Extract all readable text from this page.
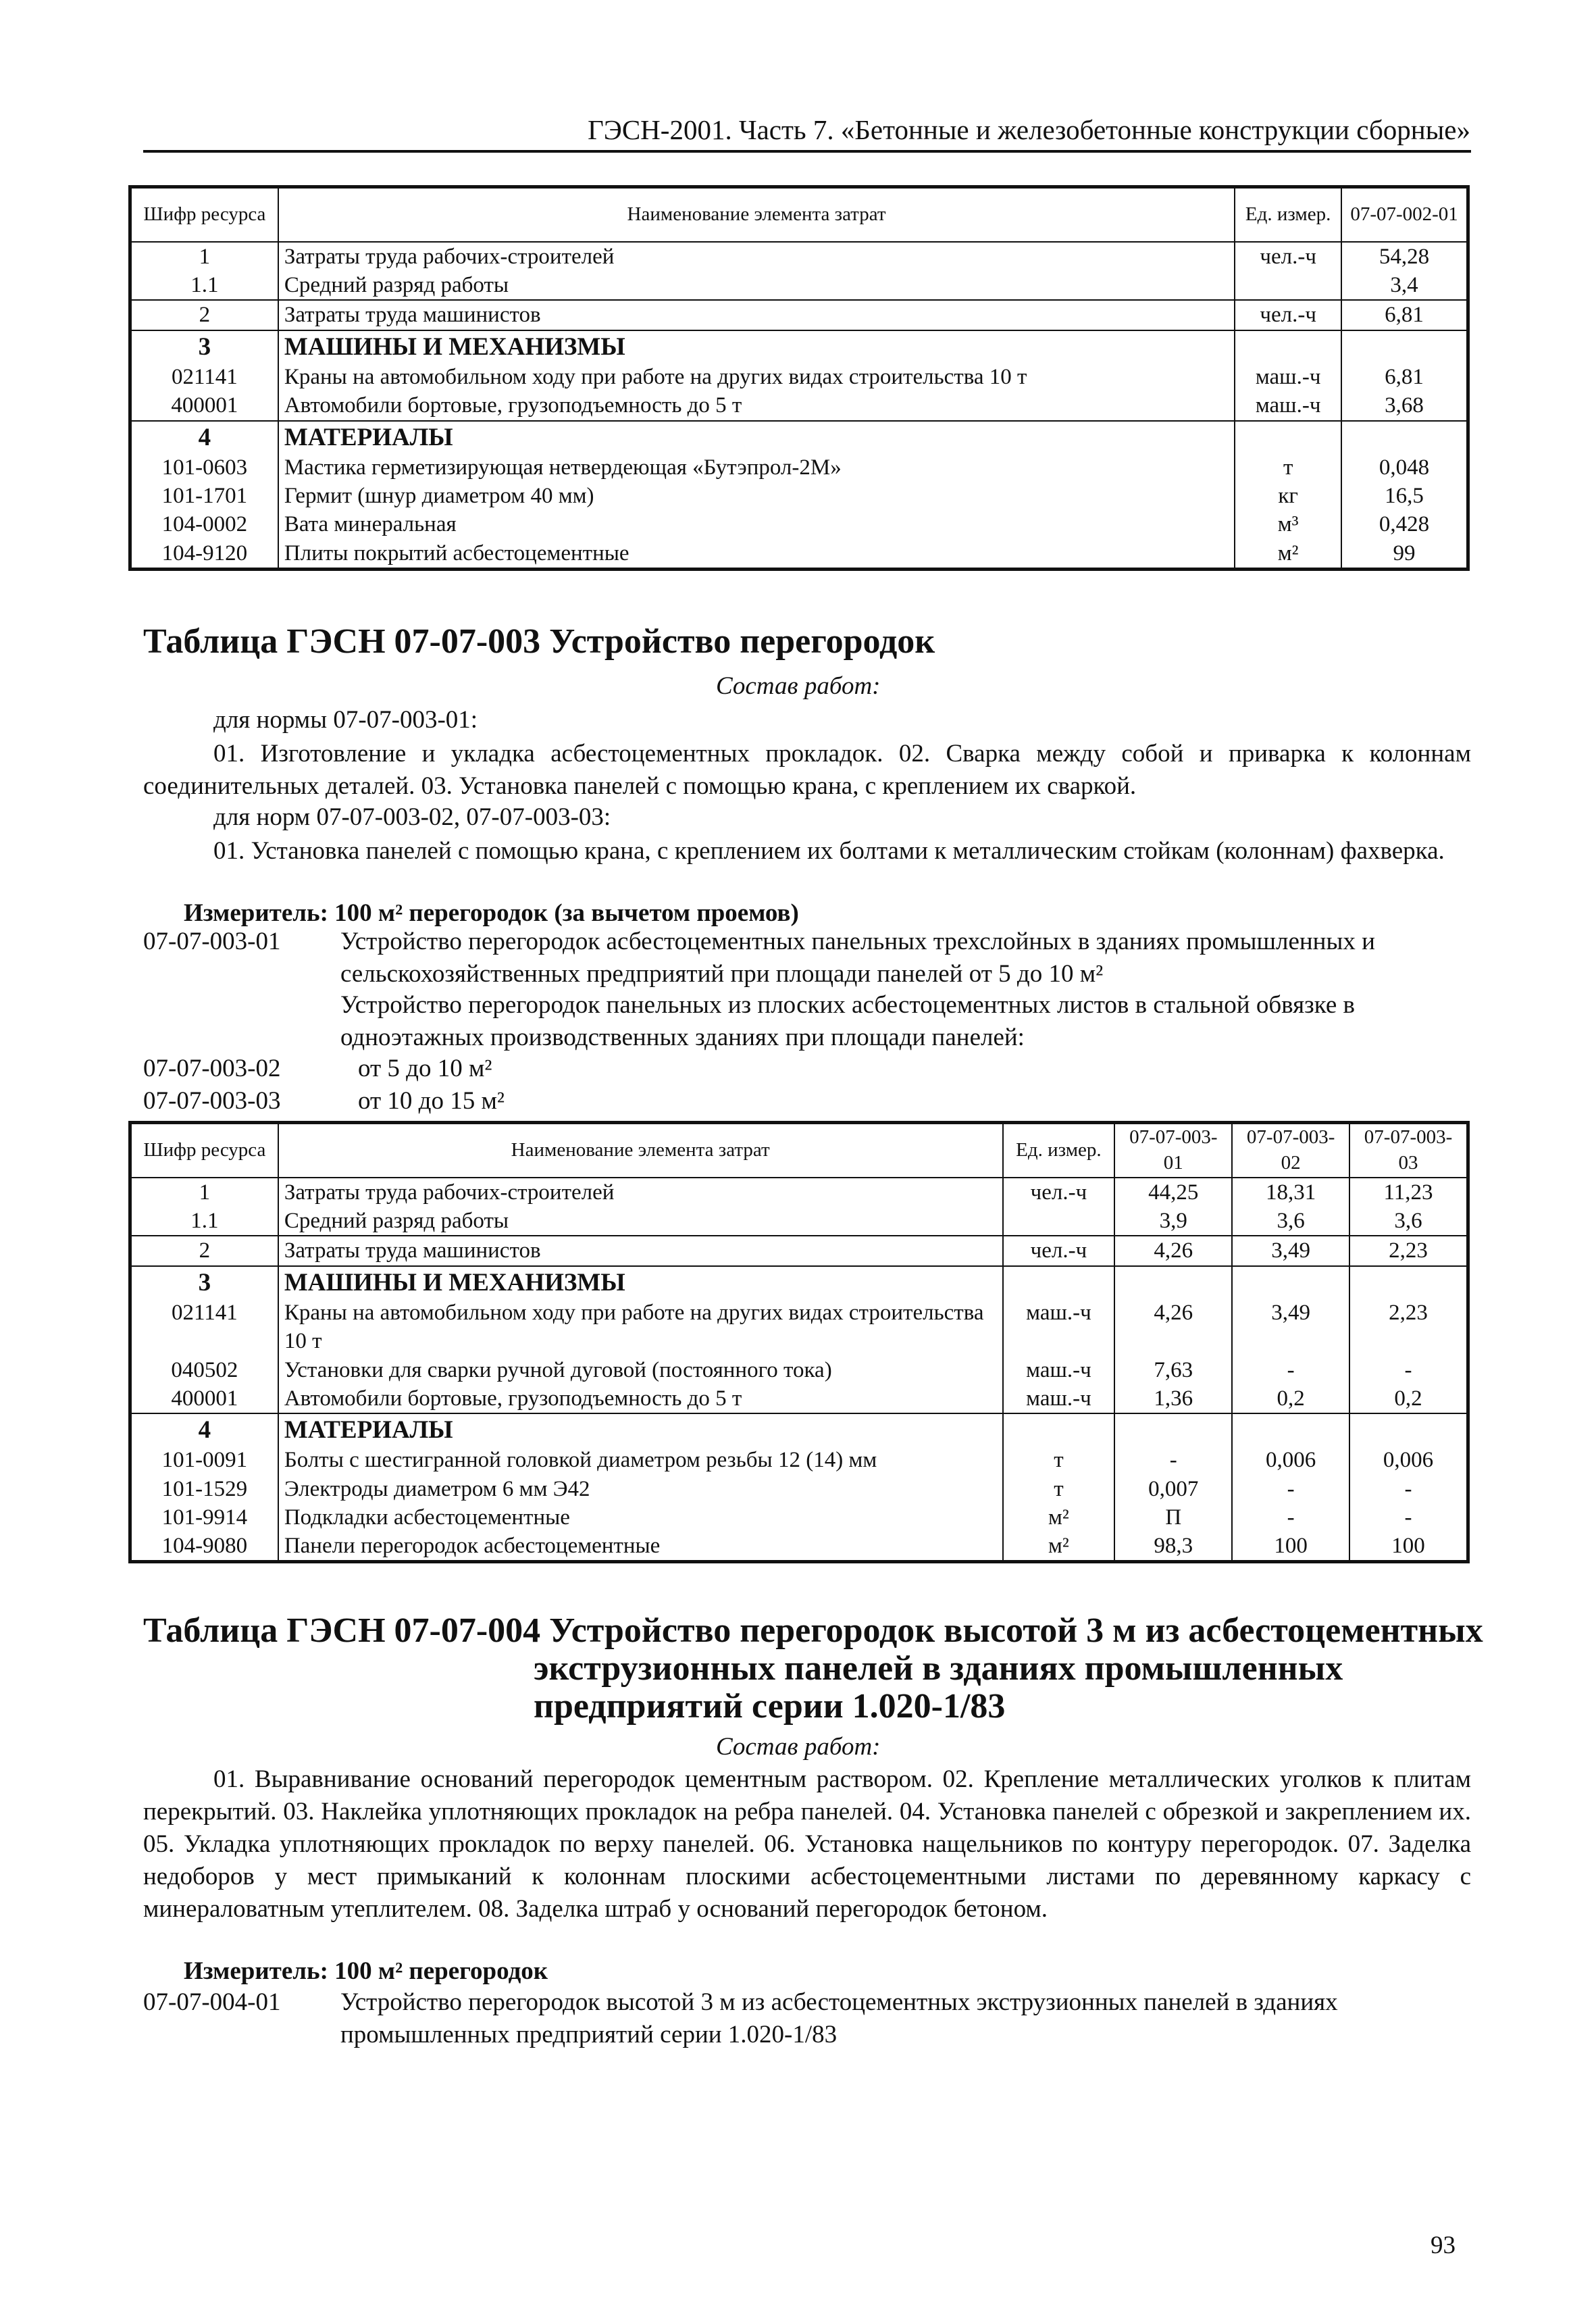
ГЭСН-2001. Часть 7. «Бетонные и железобетонные конструкции сборные»
Шифр ресурса	Наименование элемента затрат	Ед. измер.	07-07-002-01
1	Затраты труда рабочих-строителей	чел.-ч	54,28
1.1	Средний разряд работы		3,4
2	Затраты труда машинистов	чел.-ч	6,81
3	МАШИНЫ И МЕХАНИЗМЫ		
021141	Краны на автомобильном ходу при работе на других видах строительства 10 т	маш.-ч	6,81
400001	Автомобили бортовые, грузоподъемность до 5 т	маш.-ч	3,68
4	МАТЕРИАЛЫ		
101-0603	Мастика герметизирующая нетвердеющая «Бутэпрол-2М»	т	0,048
101-1701	Гермит (шнур диаметром 40 мм)	кг	16,5
104-0002	Вата минеральная	м³	0,428
104-9120	Плиты покрытий асбестоцементные	м²	99
Таблица ГЭСН 07-07-003 Устройство перегородок
Состав работ:
для нормы 07-07-003-01:
01. Изготовление и укладка асбестоцементных прокладок. 02. Сварка между собой и приварка к колоннам соединительных деталей. 03. Установка панелей с помощью крана, с креплением их сваркой.
для норм 07-07-003-02, 07-07-003-03:
01. Установка панелей с помощью крана, с креплением их болтами к металлическим стойкам (колоннам) фахверка.
Измеритель: 100 м² перегородок (за вычетом проемов)
07-07-003-01 Устройство перегородок асбестоцементных панельных трехслойных в зданиях промышленных и сельскохозяйственных предприятий при площади панелей от 5 до 10 м²
Устройство перегородок панельных из плоских асбестоцементных листов в стальной обвязке в одноэтажных производственных зданиях при площади панелей:
07-07-003-02	от 5 до 10 м²
07-07-003-03	от 10 до 15 м²
Шифр ресурса	Наименование элемента затрат	Ед. измер.	07-07-003-01	07-07-003-02	07-07-003-03
1	Затраты труда рабочих-строителей	чел.-ч	44,25	18,31	11,23
1.1	Средний разряд работы		3,9	3,6	3,6
2	Затраты труда машинистов	чел.-ч	4,26	3,49	2,23
3	МАШИНЫ И МЕХАНИЗМЫ				
021141	Краны на автомобильном ходу при работе на других видах строительства 10 т	маш.-ч	4,26	3,49	2,23
040502	Установки для сварки ручной дуговой (постоянного тока)	маш.-ч	7,63	-	-
400001	Автомобили бортовые, грузоподъемность до 5 т	маш.-ч	1,36	0,2	0,2
4	МАТЕРИАЛЫ				
101-0091	Болты с шестигранной головкой диаметром резьбы 12 (14) мм	т	-	0,006	0,006
101-1529	Электроды диаметром 6 мм Э42	т	0,007	-	-
101-9914	Подкладки асбестоцементные	м²	П	-	-
104-9080	Панели перегородок асбестоцементные	м²	98,3	100	100
Таблица ГЭСН 07-07-004 Устройство перегородок высотой 3 м из асбестоцементных
экструзионных панелей в зданиях промышленных
предприятий серии 1.020-1/83
Состав работ:
01. Выравнивание оснований перегородок цементным раствором. 02. Крепление металлических уголков к плитам перекрытий. 03. Наклейка уплотняющих прокладок на ребра панелей. 04. Установка панелей с обрезкой и закреплением их. 05. Укладка уплотняющих прокладок по верху панелей. 06. Установка нащельников по контуру перегородок. 07. Заделка недоборов у мест примыканий к колоннам плоскими асбестоцементными листами по деревянному каркасу с минераловатным утеплителем. 08. Заделка штраб у оснований перегородок бетоном.
Измеритель: 100 м² перегородок
07-07-004-01 Устройство перегородок высотой 3 м из асбестоцементных экструзионных панелей в зданиях промышленных предприятий серии 1.020-1/83
93
